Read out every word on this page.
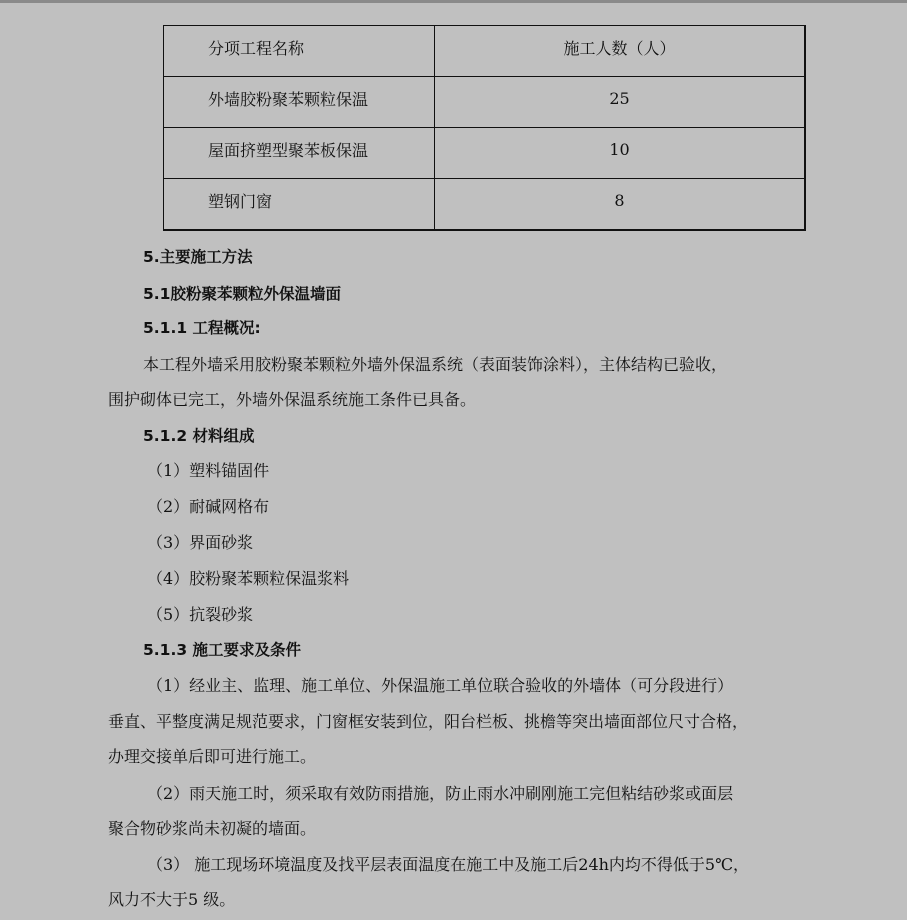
分项工程名称	施工人数（人）
外墙胶粉聚苯颗粒保温	25
屋面挤塑型聚苯板保温	10
塑钢门窗	8
5.主要施工方法
5.1胶粉聚苯颗粒外保温墙面
5.1.1 工程概况:
本工程外墙采用胶粉聚苯颗粒外墙外保温系统（表面装饰涂料），主体结构已验收，
围护砌体已完工，外墙外保温系统施工条件已具备。
5.1.2 材料组成
（1）塑料锚固件
（2）耐碱网格布
（3）界面砂浆
（4）胶粉聚苯颗粒保温浆料
（5）抗裂砂浆
5.1.3 施工要求及条件
（1）经业主、监理、施工单位、外保温施工单位联合验收的外墙体（可分段进行）
垂直、平整度满足规范要求，门窗框安装到位，阳台栏板、挑檐等突出墙面部位尺寸合格，
办理交接单后即可进行施工。
（2）雨天施工时，须采取有效防雨措施，防止雨水冲刷刚施工完但粘结砂浆或面层
聚合物砂浆尚未初凝的墙面。
（3） 施工现场环境温度及找平层表面温度在施工中及施工后24h内均不得低于5℃，
风力不大于5 级。
